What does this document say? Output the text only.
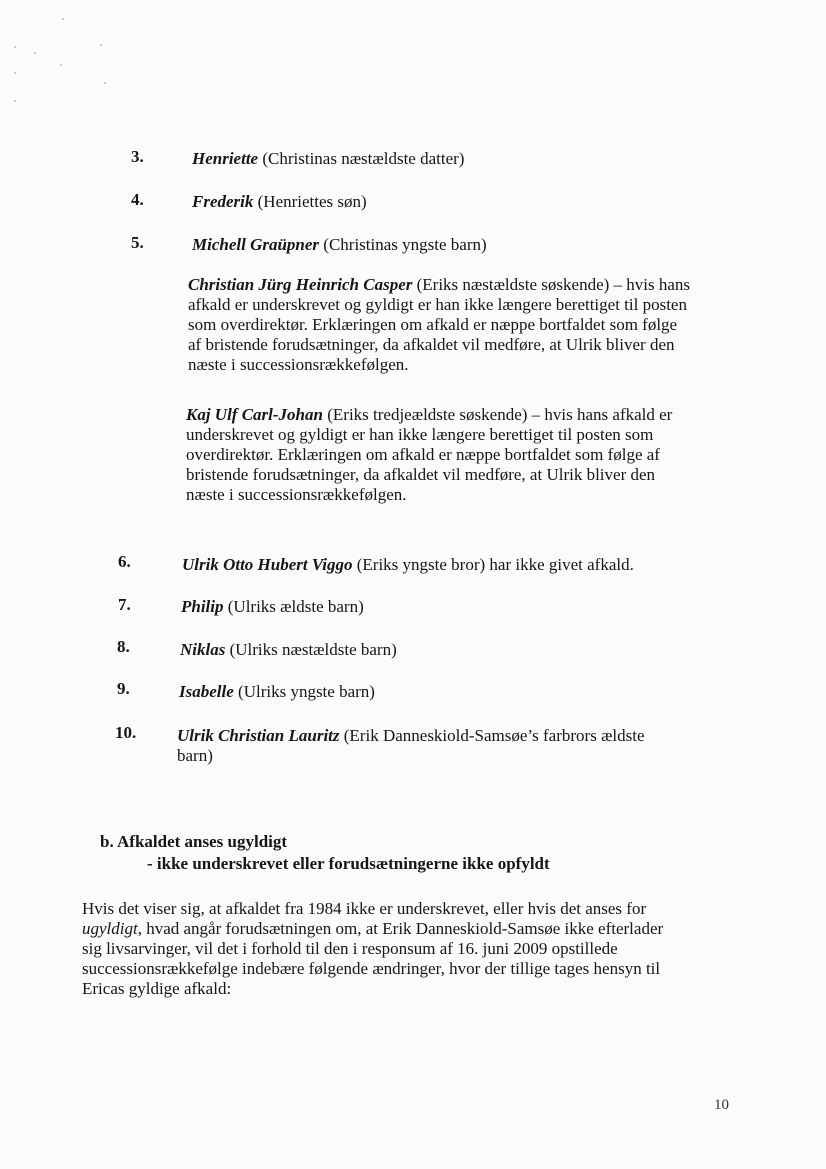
3.	Henriette (Christinas næstældste datter)
4.	Frederik (Henriettes søn)
5.	Michell Graüpner (Christinas yngste barn)
Christian Jürg Heinrich Casper (Eriks næstældste søskende) – hvis hans
afkald er underskrevet og gyldigt er han ikke længere berettiget til posten
som overdirektør. Erklæringen om afkald er næppe bortfaldet som følge
af bristende forudsætninger, da afkaldet vil medføre, at Ulrik bliver den
næste i successionsrækkefølgen.
Kaj Ulf Carl-Johan (Eriks tredjeældste søskende) – hvis hans afkald er
underskrevet og gyldigt er han ikke længere berettiget til posten som
overdirektør. Erklæringen om afkald er næppe bortfaldet som følge af
bristende forudsætninger, da afkaldet vil medføre, at Ulrik bliver den
næste i successionsrækkefølgen.
6.	Ulrik Otto Hubert Viggo (Eriks yngste bror) har ikke givet afkald.
7.	Philip (Ulriks ældste barn)
8.	Niklas (Ulriks næstældste barn)
9.	Isabelle (Ulriks yngste barn)
10. Ulrik Christian Lauritz (Erik Danneskiold-Samsøe’s farbrors ældste
barn)
b. Afkaldet anses ugyldigt
- ikke underskrevet eller forudsætningerne ikke opfyldt
Hvis det viser sig, at afkaldet fra 1984 ikke er underskrevet, eller hvis det anses for
ugyldigt, hvad angår forudsætningen om, at Erik Danneskiold-Samsøe ikke efterlader
sig livsarvinger, vil det i forhold til den i responsum af 16. juni 2009 opstillede
successionsrækkefølge indebære følgende ændringer, hvor der tillige tages hensyn til
Ericas gyldige afkald:
10
